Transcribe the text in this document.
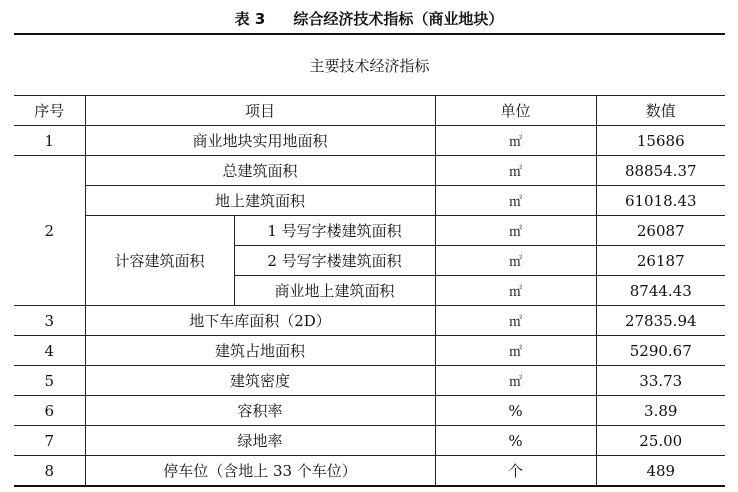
表 3 综合经济技术指标（商业地块）
主要技术经济指标				
序号	项目		单位	数值
1	商业地块实用地面积		㎡	15686
2	总建筑面积		㎡	88854.37
	地上建筑面积		㎡	61018.43
	计容建筑面积	1 号写字楼建筑面积	㎡	26087
		2 号写字楼建筑面积	㎡	26187
		商业地上建筑面积	㎡	8744.43
3	地下车库面积（2D）		㎡	27835.94
4	建筑占地面积		㎡	5290.67
5	建筑密度		㎡	33.73
6	容积率		%	3.89
7	绿地率		%	25.00
8	停车位（含地上 33 个车位）		个	489
